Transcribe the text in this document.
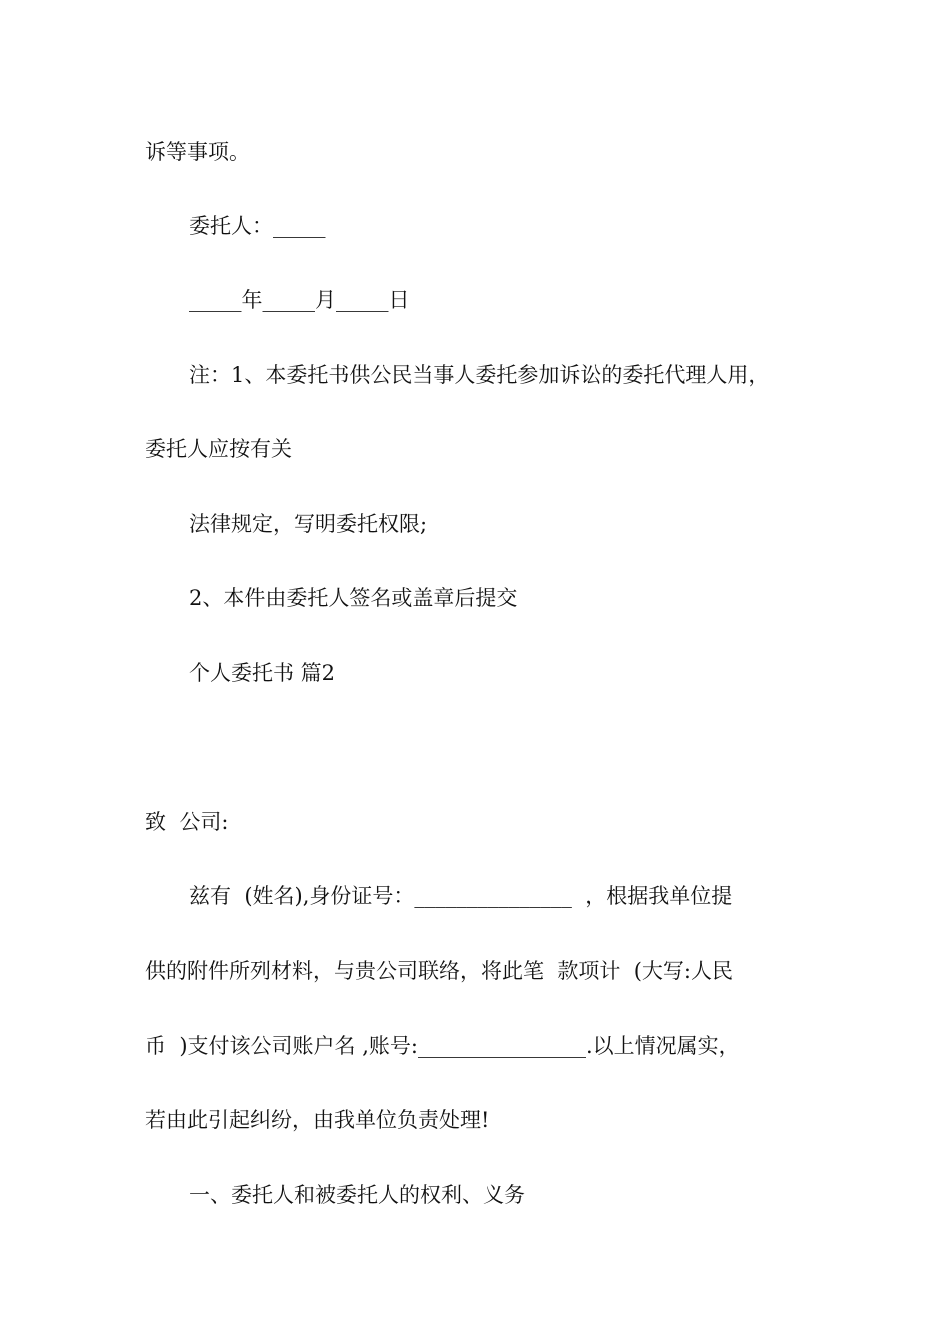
诉等事项。

委托人：_____

_____年_____月_____日

注：1、本委托书供公民当事人委托参加诉讼的委托代理人用，

委托人应按有关

法律规定，写明委托权限;

2、本件由委托人签名或盖章后提交

个人委托书 篇2

致  公司:

兹有  (姓名),身份证号：_______________  ，根据我单位提

供的附件所列材料，与贵公司联络，将此笔  款项计  (大写:人民

币  )支付该公司账户名 ,账号:________________.以上情况属实，

若由此引起纠纷，由我单位负责处理!

一、委托人和被委托人的权利、义务
